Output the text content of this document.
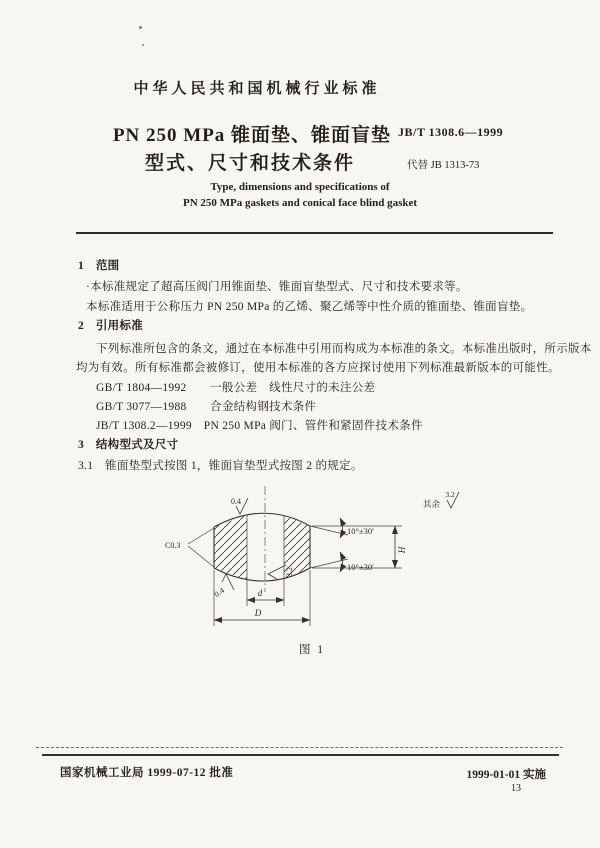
中华人民共和国机械行业标准
PN 250 MPa 锥面垫、锥面盲垫
型式、尺寸和技术条件
JB/T 1308.6—1999
代替 JB 1313-73
Type, dimensions and specifications of
PN 250 MPa gaskets and conical face blind gasket
1　范围
·本标准规定了超高压阀门用锥面垫、锥面盲垫型式、尺寸和技术要求等。
本标准适用于公称压力 PN 250 MPa 的乙烯、聚乙烯等中性介质的锥面垫、锥面盲垫。
2　引用标准
下列标准所包含的条文，通过在本标准中引用而构成为本标准的条文。本标准出版时，所示版本
均为有效。所有标准都会被修订，使用本标准的各方应探讨使用下列标准最新版本的可能性。
GB/T 1804—1992　　一般公差　线性尺寸的未注公差
GB/T 3077—1988　　合金结构钢技术条件
JB/T 1308.2—1999　PN 250 MPa 阀门、管件和紧固件技术条件
3　结构型式及尺寸
3.1　锥面垫型式按图 1，锥面盲垫型式按图 2 的规定。
d
D
H
10°±30′
10°±30′
0.4
0.4
3.2
其余
3.2
C0.3
图 1
国家机械工业局 1999-07-12 批准	1999-01-01 实施
13
